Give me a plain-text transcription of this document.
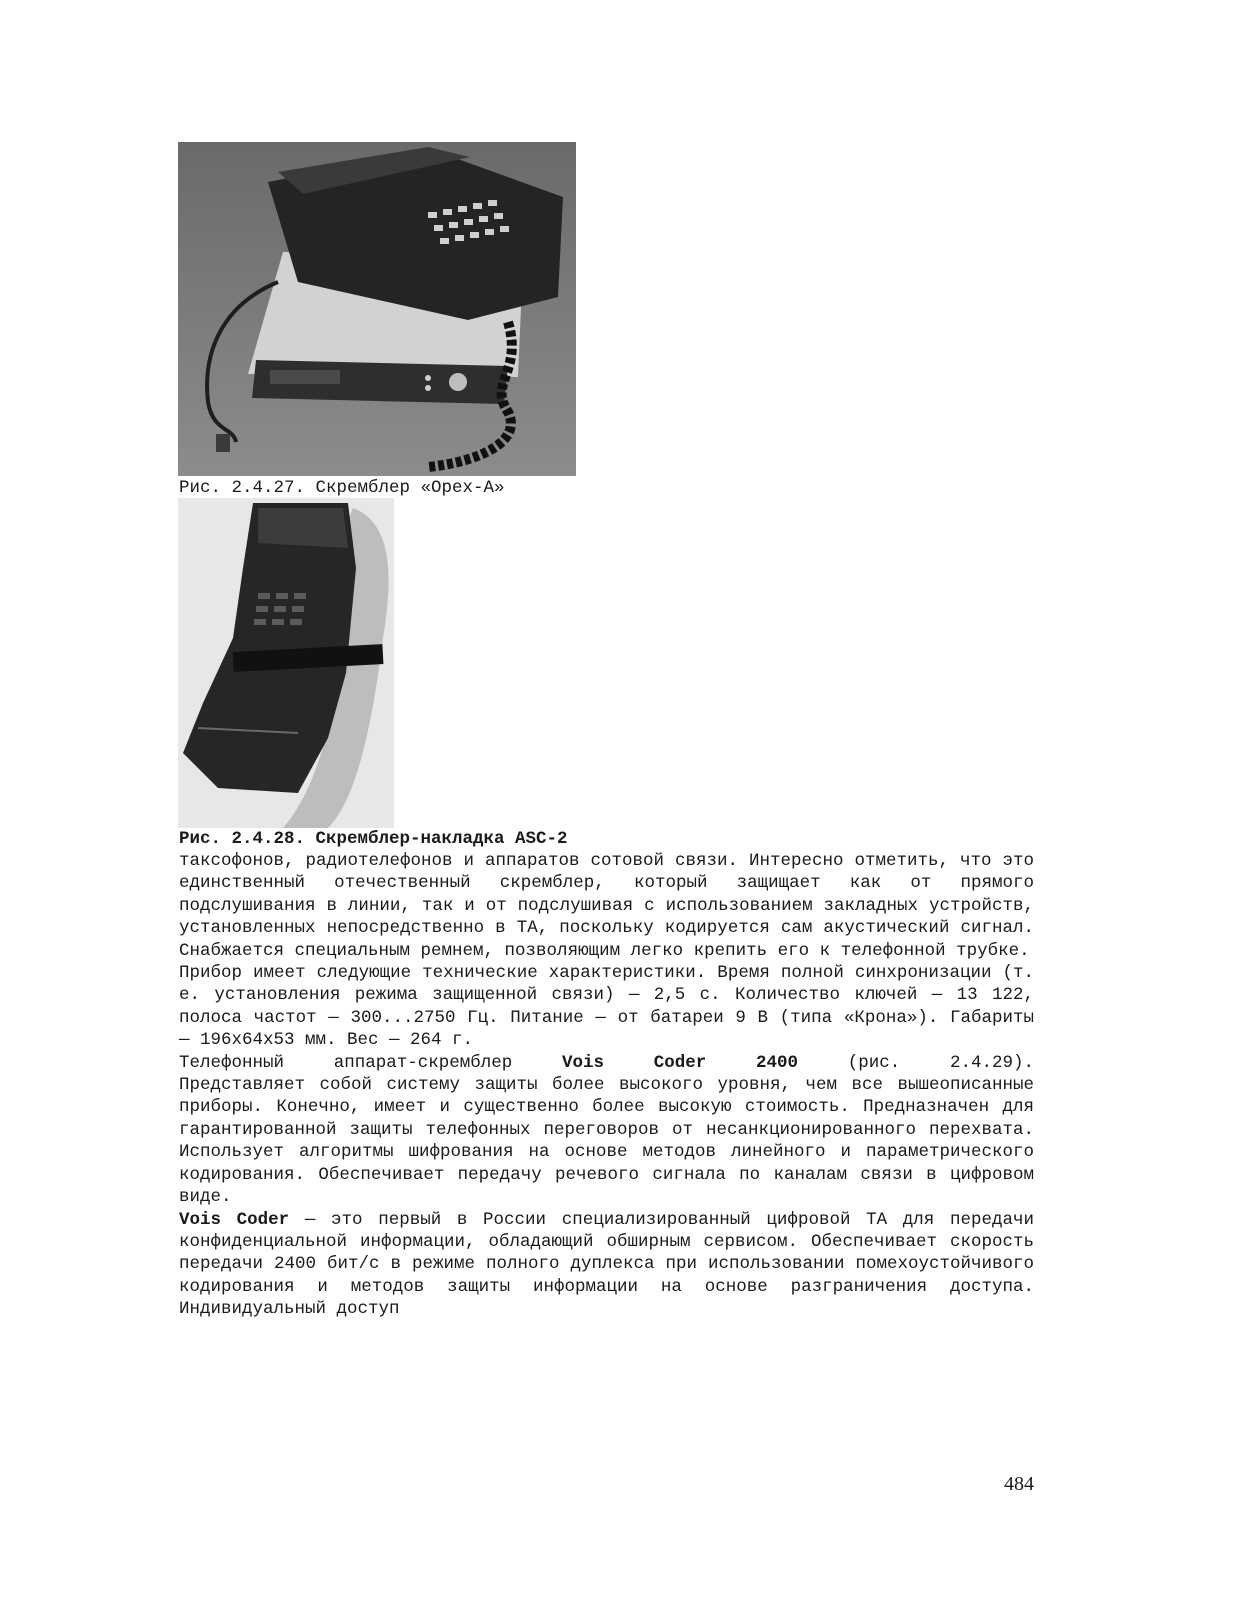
Рис. 2.4.27. Скремблер «Орех-А»
Рис. 2.4.28. Скремблер-накладка ASC-2

таксофонов, радиотелефонов и аппаратов сотовой связи. Интересно отметить, что это единственный отечественный скремблер, который защищает как от прямого подслушивания в линии, так и от подслушивая с использованием закладных устройств, установленных непосредственно в ТА, поскольку кодируется сам акустический сигнал. Снабжается специальным ремнем, позволяющим легко крепить его к телефонной трубке.

Прибор имеет следующие технические характеристики. Время полной синхронизации (т. е. установления режима защищенной связи) — 2,5 с. Количество ключей — 13 122, полоса частот — 300...2750 Гц. Питание — от батареи 9 В (типа «Крона»). Габариты — 196x64x53 мм. Вес — 264 г.

Телефонный аппарат-скремблер Vois Coder 2400 (рис. 2.4.29).

Представляет собой систему защиты более высокого уровня, чем все вышеописанные приборы. Конечно, имеет и существенно более высокую стоимость. Предназначен для гарантированной защиты телефонных переговоров от несанкционированного перехвата. Использует алгоритмы шифрования на основе методов линейного и параметрического кодирования. Обеспечивает передачу речевого сигнала по каналам связи в цифровом виде.

Vois Coder — это первый в России специализированный цифровой ТА для передачи конфиденциальной информации, обладающий обширным сервисом. Обеспечивает скорость передачи 2400 бит/с в режиме полного дуплекса при использовании помехоустойчивого кодирования и методов защиты информации на основе разграничения доступа. Индивидуальный доступ

484
